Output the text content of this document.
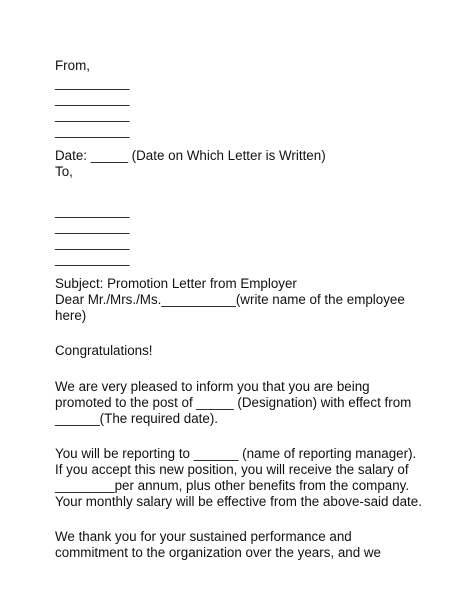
From,
__________
__________
__________
__________
Date: _____ (Date on Which Letter is Written)
To,
__________
__________
__________
__________
Subject: Promotion Letter from Employer
Dear Mr./Mrs./Ms.__________(write name of the employee
here)
Congratulations!
We are very pleased to inform you that you are being
promoted to the post of _____ (Designation) with effect from
______(The required date).
You will be reporting to ______ (name of reporting manager).
If you accept this new position, you will receive the salary of
________per annum, plus other benefits from the company.
Your monthly salary will be effective from the above-said date.
We thank you for your sustained performance and
commitment to the organization over the years, and we
